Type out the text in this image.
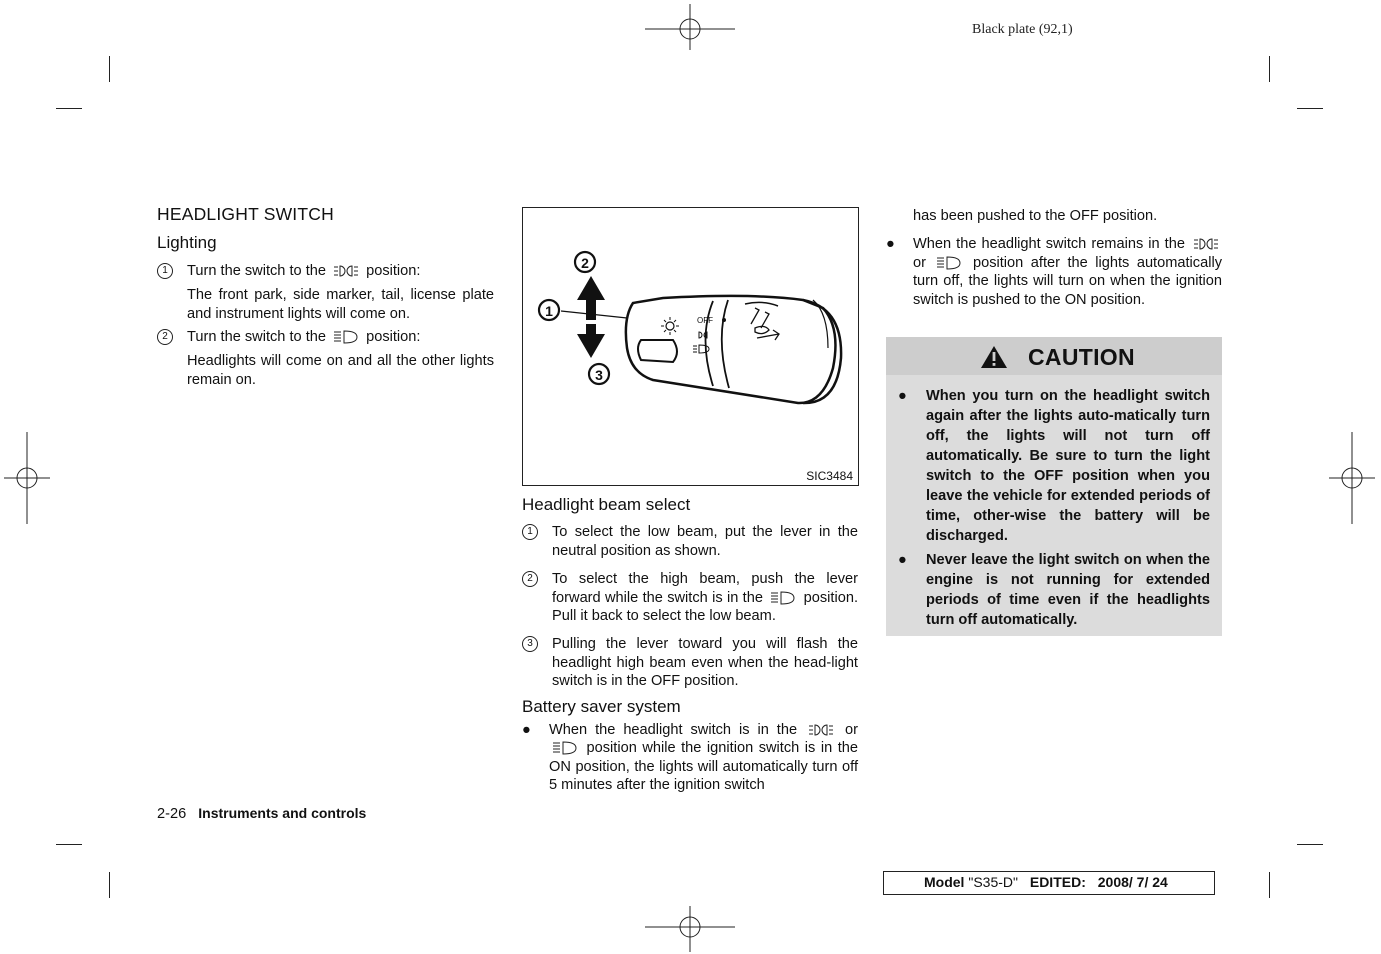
Black plate (92,1)
HEADLIGHT SWITCH
Lighting
1	Turn the switch to the	position:
The front park, side marker, tail, license plate and instrument lights will come on.
2	Turn the switch to the	position:
Headlights will come on and all the other lights remain on.
OFF
2
1
3
SIC3484
Headlight beam select
1	To select the low beam, put the lever in the neutral position as shown.
2	To select the high beam, push the lever forward while the switch is in the	position. Pull it back to select the low beam.
3	Pulling the lever toward you will flash the headlight high beam even when the head-light switch is in the OFF position.
Battery saver system
● When the headlight switch is in the	or  position while the ignition switch is in the ON position, the lights will automatically turn off 5 minutes after the ignition switch
has been pushed to the OFF position.
● When the headlight switch remains in the  or	position after the lights automatically turn off, the lights will turn on when the ignition switch is pushed to the ON position.
CAUTION
● When you turn on the headlight switch again after the lights auto-matically turn off, the lights will not turn off automatically. Be sure to turn the light switch to the OFF position when you leave the vehicle for extended periods of time, other-wise the battery will be discharged.
● Never leave the light switch on when the engine is not running for extended periods of time even if the headlights turn off automatically.
2-26 Instruments and controls
Model "S35-D" EDITED: 2008/ 7/ 24
